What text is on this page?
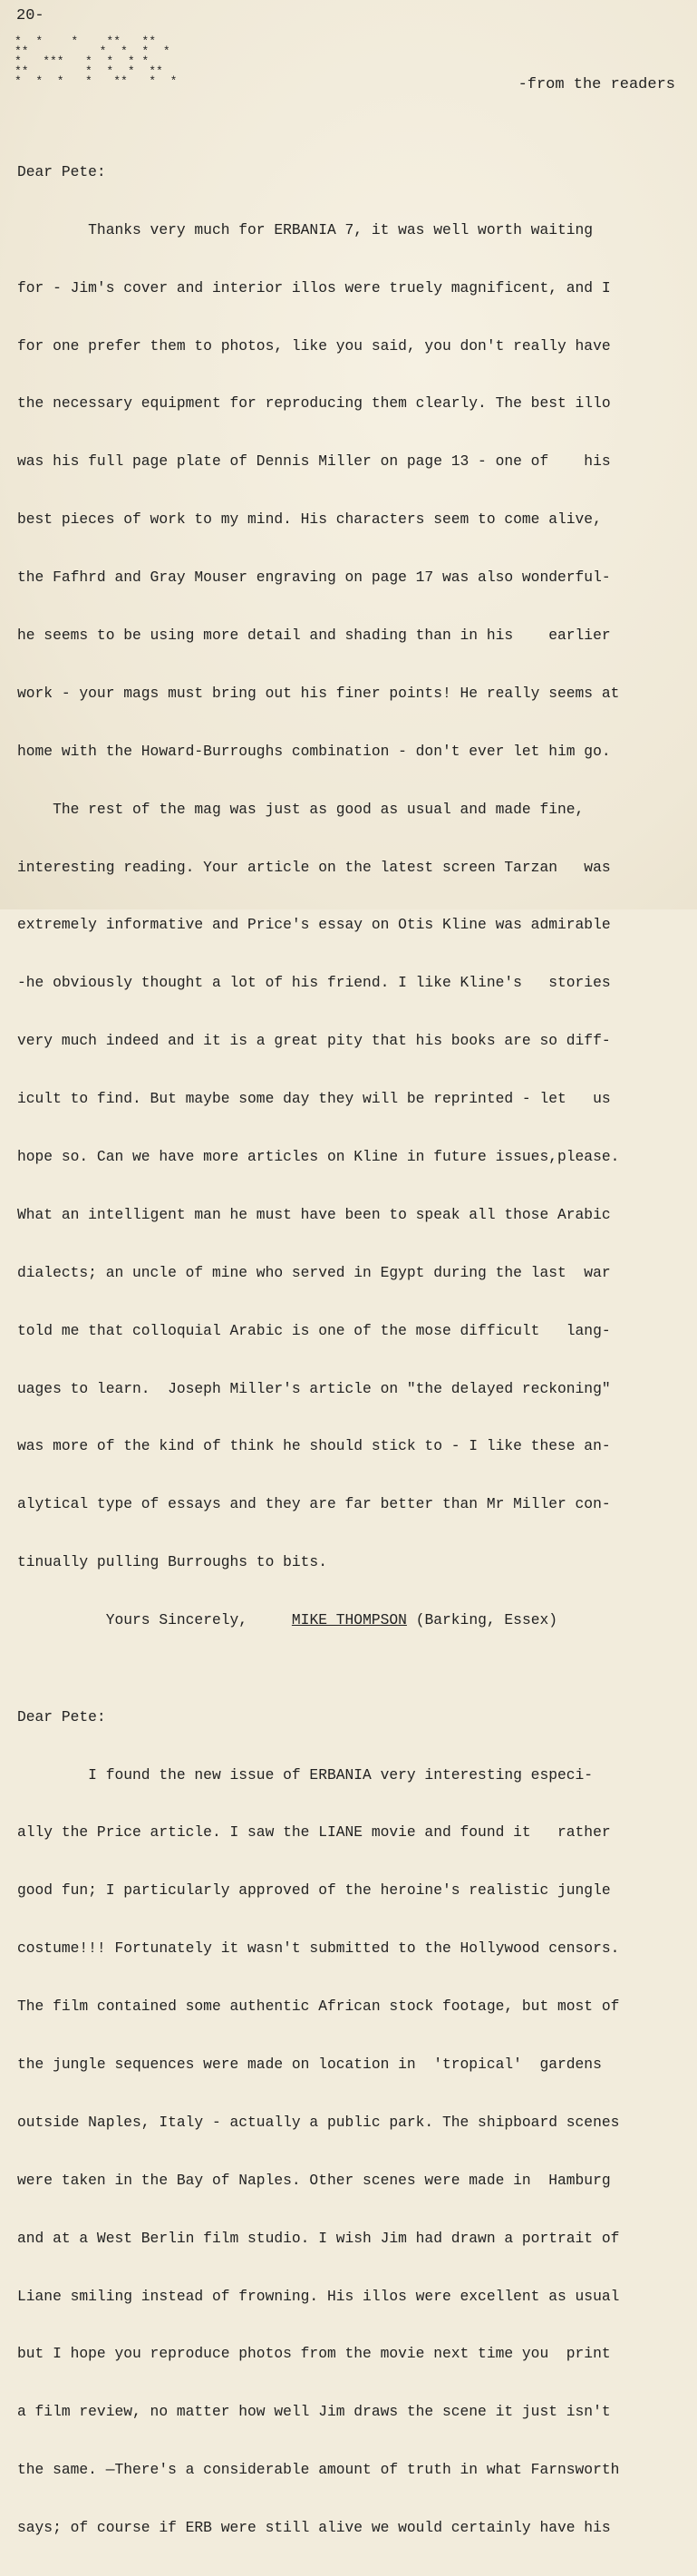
20-
*  *    *    **   **
**          *  *  *  *
*   ***   *  *  * *
**        *  *  *  **
*  *  *   *   **   *  *	-from the readers

Dear Pete:

Thanks very much for ERBANIA 7, it was well worth waiting

for - Jim's cover and interior illos were truely magnificent, and I

for one prefer them to photos, like you said, you don't really have

the necessary equipment for reproducing them clearly. The best illo

was his full page plate of Dennis Miller on page 13 - one of    his

best pieces of work to my mind. His characters seem to come alive,

the Fafhrd and Gray Mouser engraving on page 17 was also wonderful-

he seems to be using more detail and shading than in his    earlier

work - your mags must bring out his finer points! He really seems at

home with the Howard-Burroughs combination - don't ever let him go.

The rest of the mag was just as good as usual and made fine,

interesting reading. Your article on the latest screen Tarzan   was

extremely informative and Price's essay on Otis Kline was admirable

-he obviously thought a lot of his friend. I like Kline's   stories

very much indeed and it is a great pity that his books are so diff-

icult to find. But maybe some day they will be reprinted - let   us

hope so. Can we have more articles on Kline in future issues,please.

What an intelligent man he must have been to speak all those Arabic

dialects; an uncle of mine who served in Egypt during the last  war

told me that colloquial Arabic is one of the mose difficult   lang-

uages to learn.  Joseph Miller's article on "the delayed reckoning"

was more of the kind of think he should stick to - I like these an-

alytical type of essays and they are far better than Mr Miller con-

tinually pulling Burroughs to bits.

Yours Sincerely,	MIKE THOMPSON (Barking, Essex)

Dear Pete:

I found the new issue of ERBANIA very interesting especi-

ally the Price article. I saw the LIANE movie and found it   rather

good fun; I particularly approved of the heroine's realistic jungle

costume!!! Fortunately it wasn't submitted to the Hollywood censors.

The film contained some authentic African stock footage, but most of

the jungle sequences were made on location in  'tropical'  gardens

outside Naples, Italy - actually a public park. The shipboard scenes

were taken in the Bay of Naples. Other scenes were made in  Hamburg

and at a West Berlin film studio. I wish Jim had drawn a portrait of

Liane smiling instead of frowning. His illos were excellent as usual

but I hope you reproduce photos from the movie next time you  print

a film review, no matter how well Jim draws the scene it just isn't

the same. —There's a considerable amount of truth in what Farnsworth

says; of course if ERB were still alive we would certainly have his
